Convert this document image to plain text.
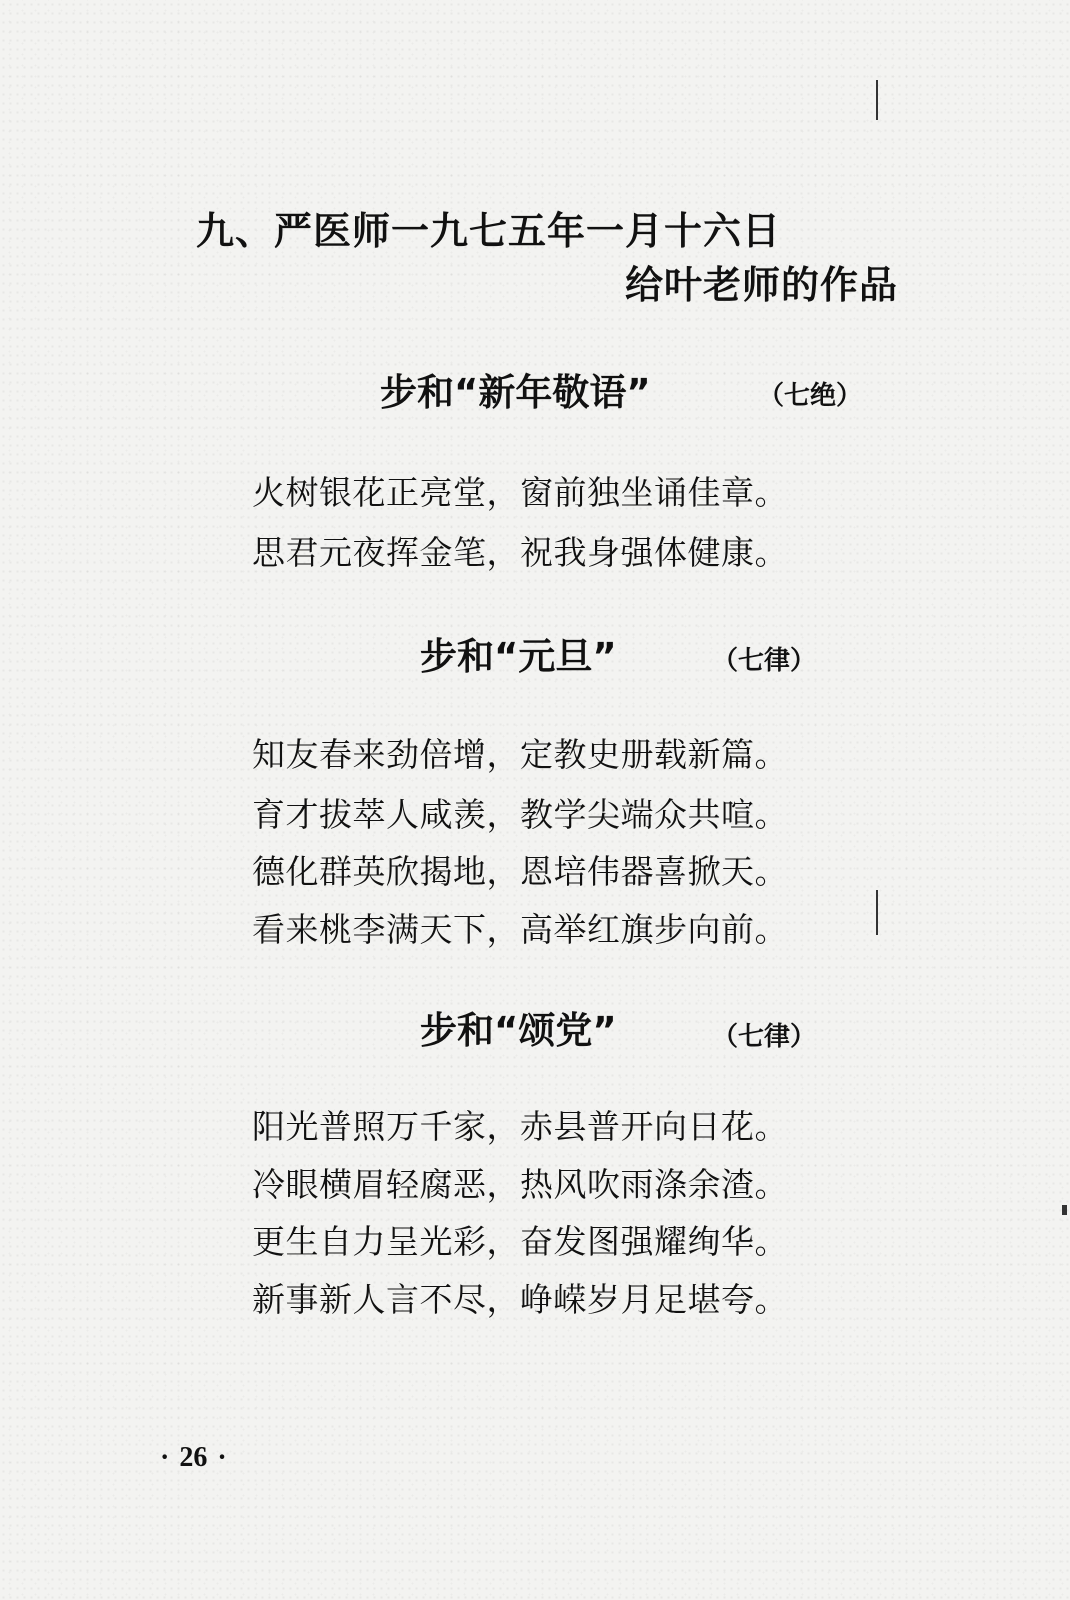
九、严医师一九七五年一月十六日
给叶老师的作品
步和“新年敬语”	（七绝）
火树银花正亮堂，窗前独坐诵佳章。
思君元夜挥金笔，祝我身强体健康。
步和“元旦”	（七律）
知友春来劲倍增，定教史册载新篇。
育才拔萃人咸羡，教学尖端众共喧。
德化群英欣揭地，恩培伟器喜掀天。
看来桃李满天下，高举红旗步向前。
步和“颂党”	（七律）
阳光普照万千家，赤县普开向日花。
冷眼横眉轻腐恶，热风吹雨涤余渣。
更生自力呈光彩，奋发图强耀绚华。
新事新人言不尽，峥嵘岁月足堪夸。
· 26 ·
